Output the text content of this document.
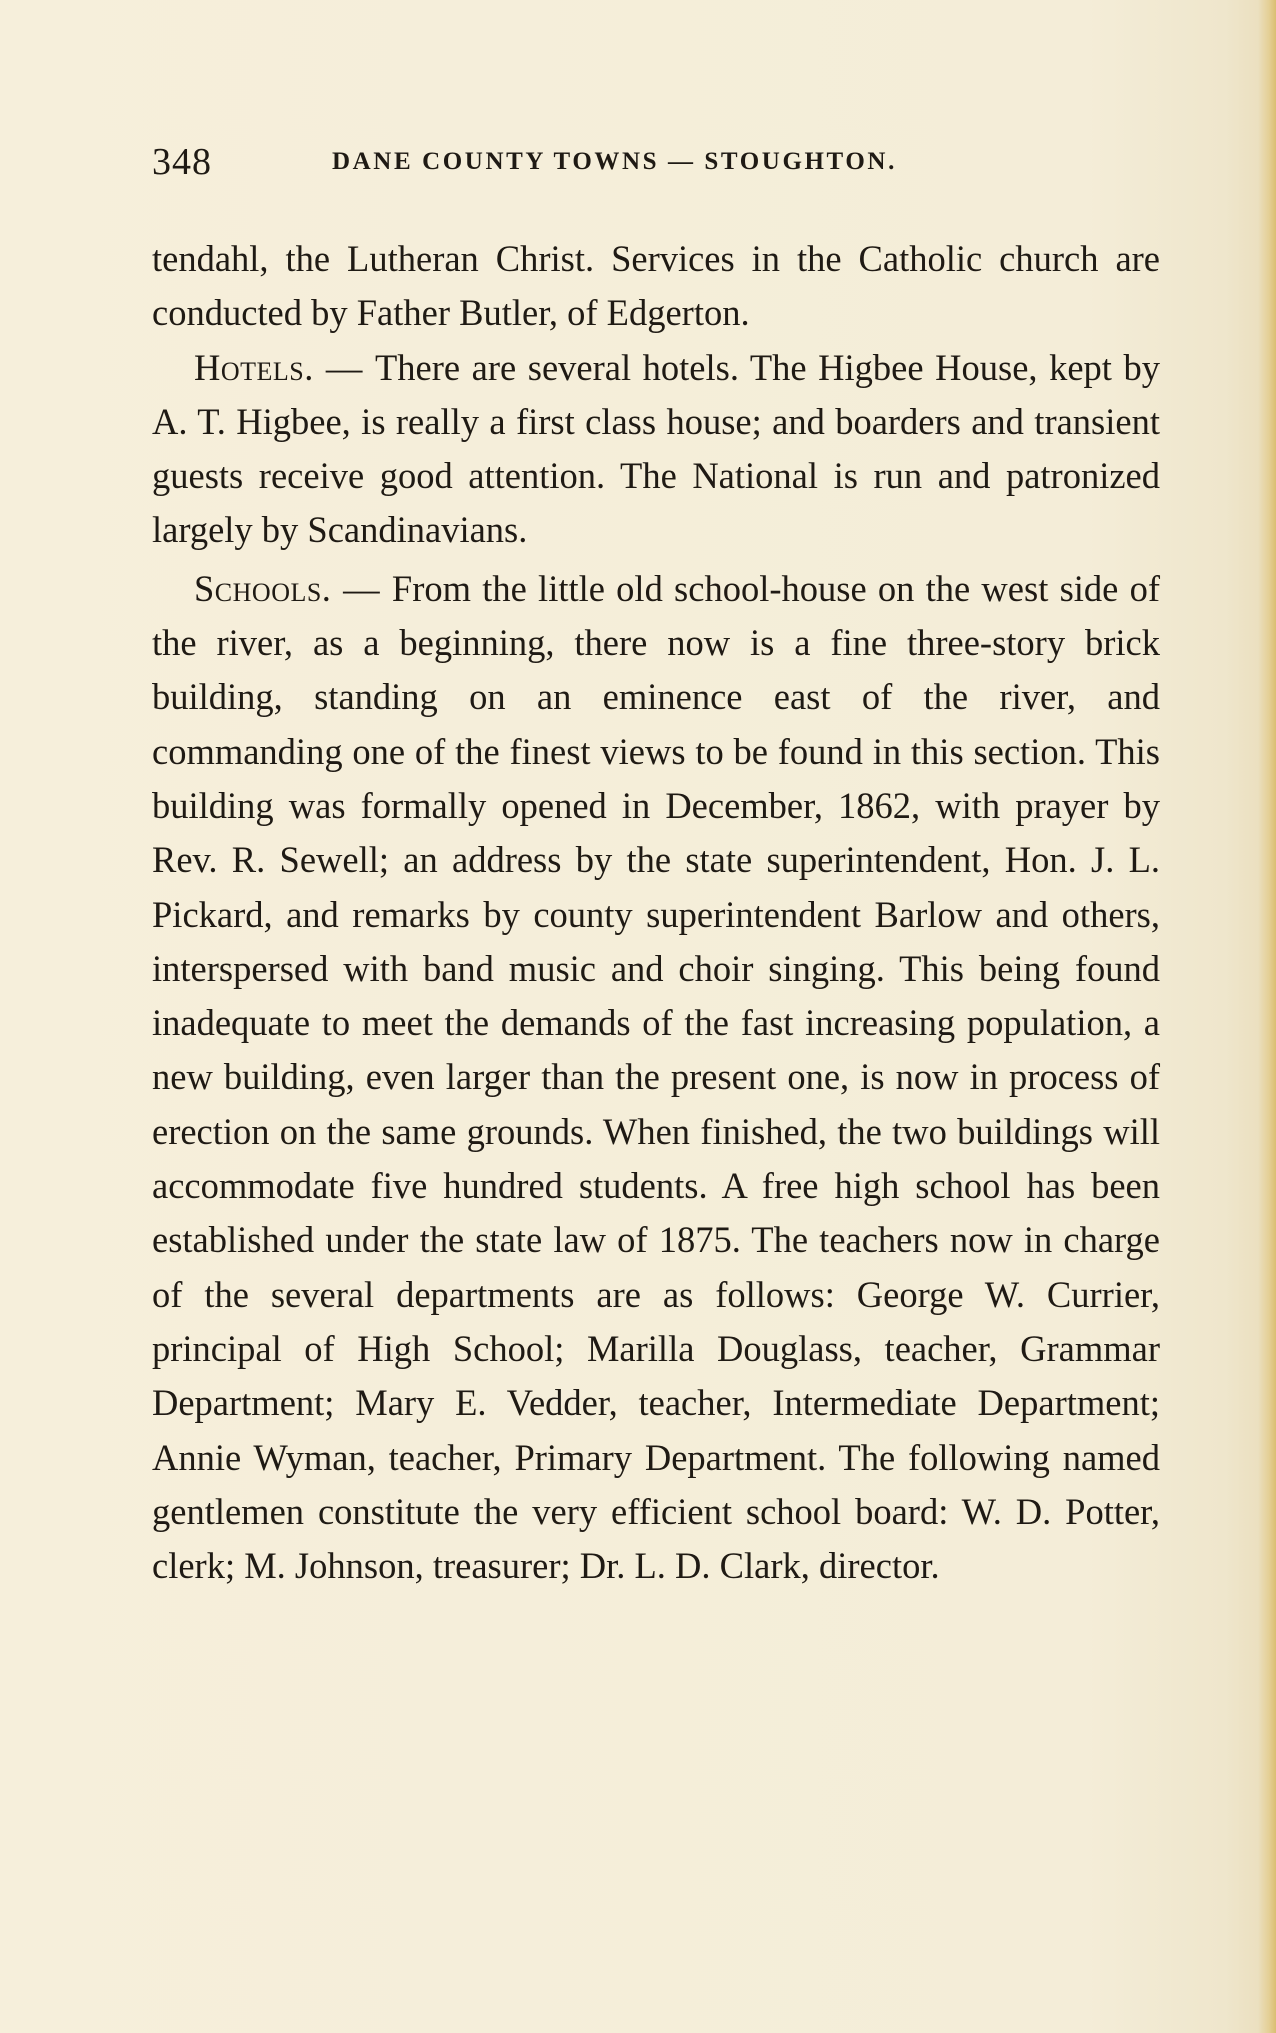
348	DANE COUNTY TOWNS — STOUGHTON.

tendahl, the Lutheran Christ. Services in the Catholic church are conducted by Father Butler, of Edgerton.

Hotels. — There are several hotels. The Higbee House, kept by A. T. Higbee, is really a first class house; and boarders and transient guests receive good attention. The National is run and patronized largely by Scandinavians.

Schools. — From the little old school-house on the west side of the river, as a beginning, there now is a fine three-story brick building, standing on an eminence east of the river, and commanding one of the finest views to be found in this section. This building was formally opened in December, 1862, with prayer by Rev. R. Sewell; an address by the state superintendent, Hon. J. L. Pickard, and remarks by county superintendent Barlow and others, interspersed with band music and choir singing. This being found inadequate to meet the demands of the fast increasing population, a new building, even larger than the present one, is now in process of erection on the same grounds. When finished, the two buildings will accommodate five hundred students. A free high school has been established under the state law of 1875. The teachers now in charge of the several departments are as follows: George W. Currier, principal of High School; Marilla Douglass, teacher, Grammar Department; Mary E. Vedder, teacher, Intermediate Department; Annie Wyman, teacher, Primary Department. The following named gentlemen constitute the very efficient school board: W. D. Potter, clerk; M. Johnson, treasurer; Dr. L. D. Clark, director.
